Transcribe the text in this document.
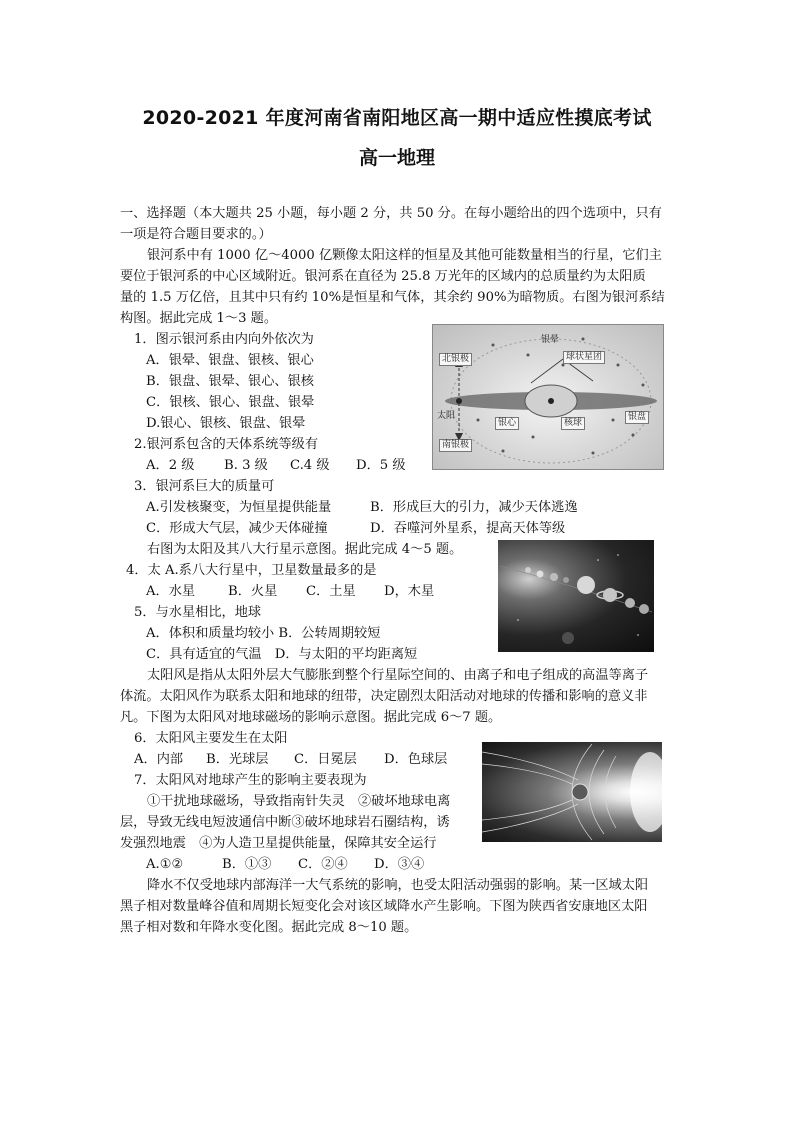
2020-2021 年度河南省南阳地区高一期中适应性摸底考试
高一地理
一、选择题（本大题共 25 小题，每小题 2 分，共 50 分。在每小题给出的四个选项中，只有
一项是符合题目要求的。）
银河系中有 1000 亿～4000 亿颗像太阳这样的恒星及其他可能数量相当的行星，它们主
要位于银河系的中心区域附近。银河系在直径为 25.8 万光年的区域内的总质量约为太阳质
量的 1.5 万亿倍，且其中只有约 10%是恒星和气体，其余约 90%为暗物质。右图为银河系结
构图。据此完成 1～3 题。
1．图示银河系由内向外依次为
A．银晕、银盘、银核、银心
B．银盘、银晕、银心、银核
C．银核、银心、银盘、银晕
D.银心、银核、银盘、银晕
2.银河系包含的天体系统等级有
A．2 级 B. 3 级 C.4 级 D．5 级
北银极
银晕
球状星团
太阳
银心	核球
银盘
南银极
3．银河系巨大的质量可
A.引发核聚变，为恒星提供能量	B．形成巨大的引力，减少天体逃逸
C．形成大气层，减少天体碰撞	D．吞噬河外星系，提高天体等级
右图为太阳及其八大行星示意图。据此完成 4～5 题。
4．太 A.系八大行星中，卫星数量最多的是
A．水星 B．火星 C．土星 D，木星
5．与水星相比，地球
A．体积和质量均较小 B．公转周期较短
C．具有适宜的气温　D．与太阳的平均距离短
太阳风是指从太阳外层大气膨胀到整个行星际空间的、由离子和电子组成的高温等离子
体流。太阳风作为联系太阳和地球的纽带，决定剧烈太阳活动对地球的传播和影响的意义非
凡。下图为太阳风对地球磁场的影响示意图。据此完成 6～7 题。
6．太阳风主要发生在太阳
A．内部 B．光球层 C．日冕层 D．色球层
7．太阳风对地球产生的影响主要表现为
①干扰地球磁场，导致指南针失灵　②破坏地球电离
层，导致无线电短波通信中断③破坏地球岩石圈结构，诱
发强烈地震　④为人造卫星提供能量，保障其安全运行
A.①②	B．①③ C．②④ D．③④
降水不仅受地球内部海洋一大气系统的影响，也受太阳活动强弱的影响。某一区域太阳
黑子相对数量峰谷值和周期长短变化会对该区域降水产生影响。下图为陕西省安康地区太阳
黑子相对数和年降水变化图。据此完成 8～10 题。
